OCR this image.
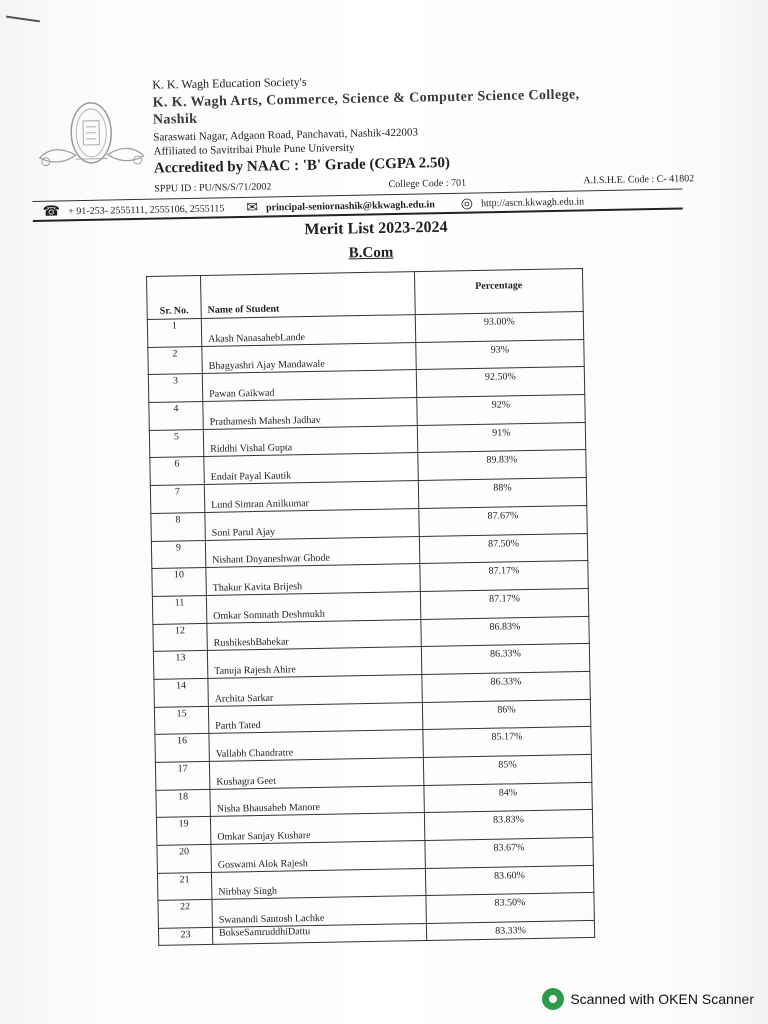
K. K. Wagh Education Society's
K. K. Wagh Arts, Commerce, Science & Computer Science College,
Nashik
Saraswati Nagar, Adgaon Road, Panchavati, Nashik-422003
Affiliated to Savitribai Phule Pune University
Accredited by NAAC : 'B' Grade (CGPA 2.50)
SPPU ID : PU/NS/S/71/2002	College Code : 701	A.I.S.H.E. Code : C- 41802
☎ + 91-253- 2555111, 2555106, 2555115 ✉ principal-seniornashik@kkwagh.edu.in ◎ http://ascn.kkwagh.edu.in
Merit List 2023-2024
B.Com
Sr. No.	Name of Student	Percentage
1	Akash NanasahebLande	93.00%
2	Bhagyashri Ajay Mandawale	93%
3	Pawan Gaikwad	92.50%
4	Prathamesh Mahesh Jadhav	92%
5	Riddhi Vishal Gupta	91%
6	Endait Payal Kautik	89.83%
7	Lund Simran Anilkumar	88%
8	Soni Parul Ajay	87.67%
9	Nishant Dnyaneshwar Ghode	87.50%
10	Thakur Kavita Brijesh	87.17%
11	Omkar Somnath Deshmukh	87.17%
12	RushikeshBahekar	86.83%
13	Tanuja Rajesh Ahire	86.33%
14	Archita Sarkar	86.33%
15	Parth Tated	86%
16	Vallabh Chandratre	85.17%
17	Kushagra Geet	85%
18	Nisha Bhausaheb Manore	84%
19	Omkar Sanjay Kushare	83.83%
20	Goswami Alok Rajesh	83.67%
21	Nirbhay Singh	83.60%
22	Swanandi Santosh Lachke	83.50%
23	BokseSamruddhiDattu	83.33%
Scanned with OKEN Scanner
